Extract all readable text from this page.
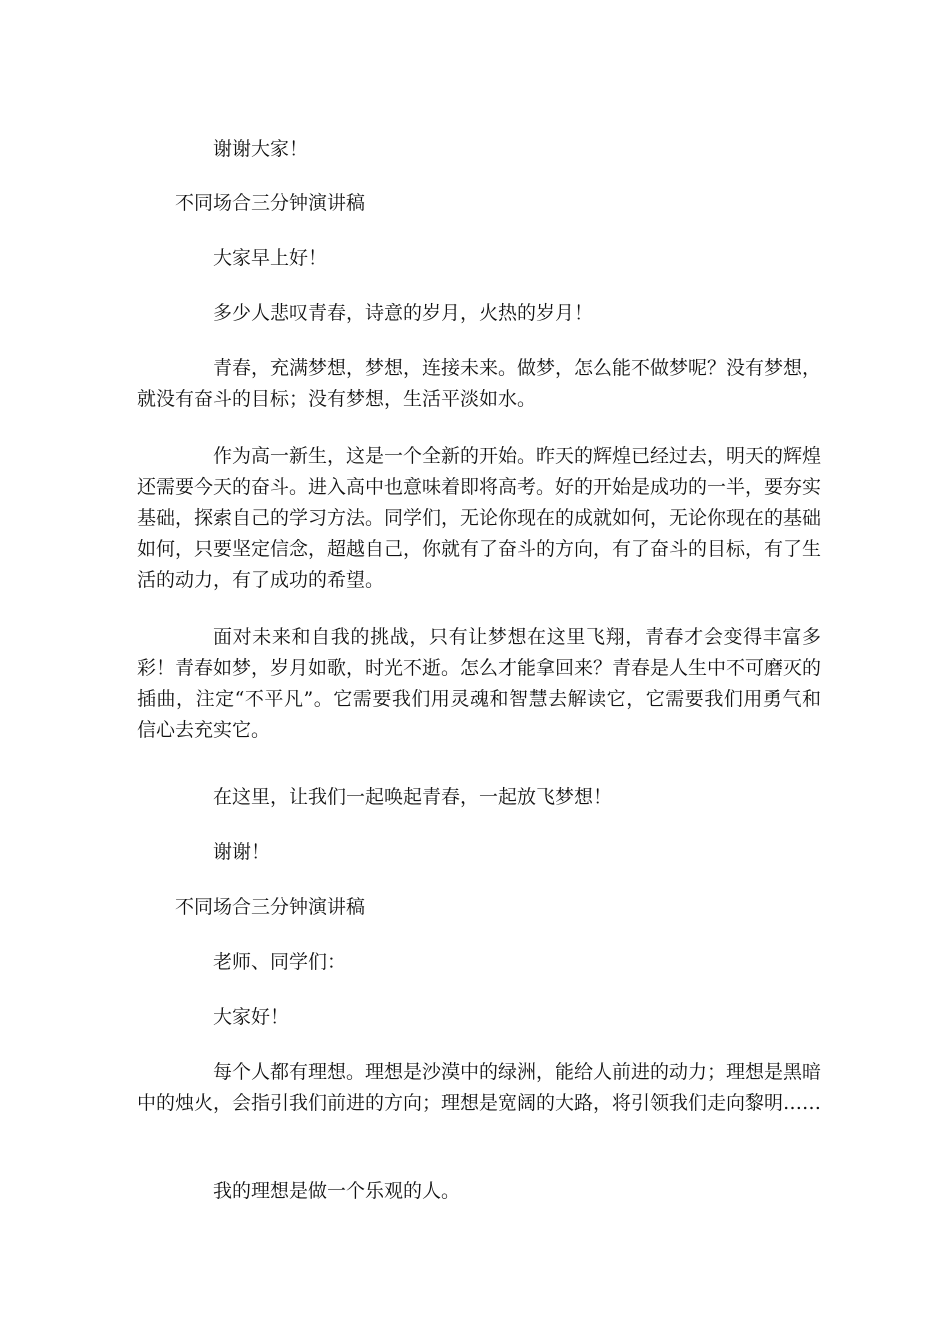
谢谢大家！

不同场合三分钟演讲稿

大家早上好！

多少人悲叹青春，诗意的岁月，火热的岁月！

青春，充满梦想，梦想，连接未来。做梦，怎么能不做梦呢？没有梦想，就没有奋斗的目标；没有梦想，生活平淡如水。

作为高一新生，这是一个全新的开始。昨天的辉煌已经过去，明天的辉煌还需要今天的奋斗。进入高中也意味着即将高考。好的开始是成功的一半，要夯实基础，探索自己的学习方法。同学们，无论你现在的成就如何，无论你现在的基础如何，只要坚定信念，超越自己，你就有了奋斗的方向，有了奋斗的目标，有了生活的动力，有了成功的希望。

面对未来和自我的挑战，只有让梦想在这里飞翔，青春才会变得丰富多彩！青春如梦，岁月如歌，时光不逝。怎么才能拿回来？青春是人生中不可磨灭的插曲，注定“不平凡”。它需要我们用灵魂和智慧去解读它，它需要我们用勇气和信心去充实它。

在这里，让我们一起唤起青春，一起放飞梦想！

谢谢！

不同场合三分钟演讲稿

老师、同学们：

大家好！

每个人都有理想。理想是沙漠中的绿洲，能给人前进的动力；理想是黑暗中的烛火，会指引我们前进的方向；理想是宽阔的大路，将引领我们走向黎明……

我的理想是做一个乐观的人。
